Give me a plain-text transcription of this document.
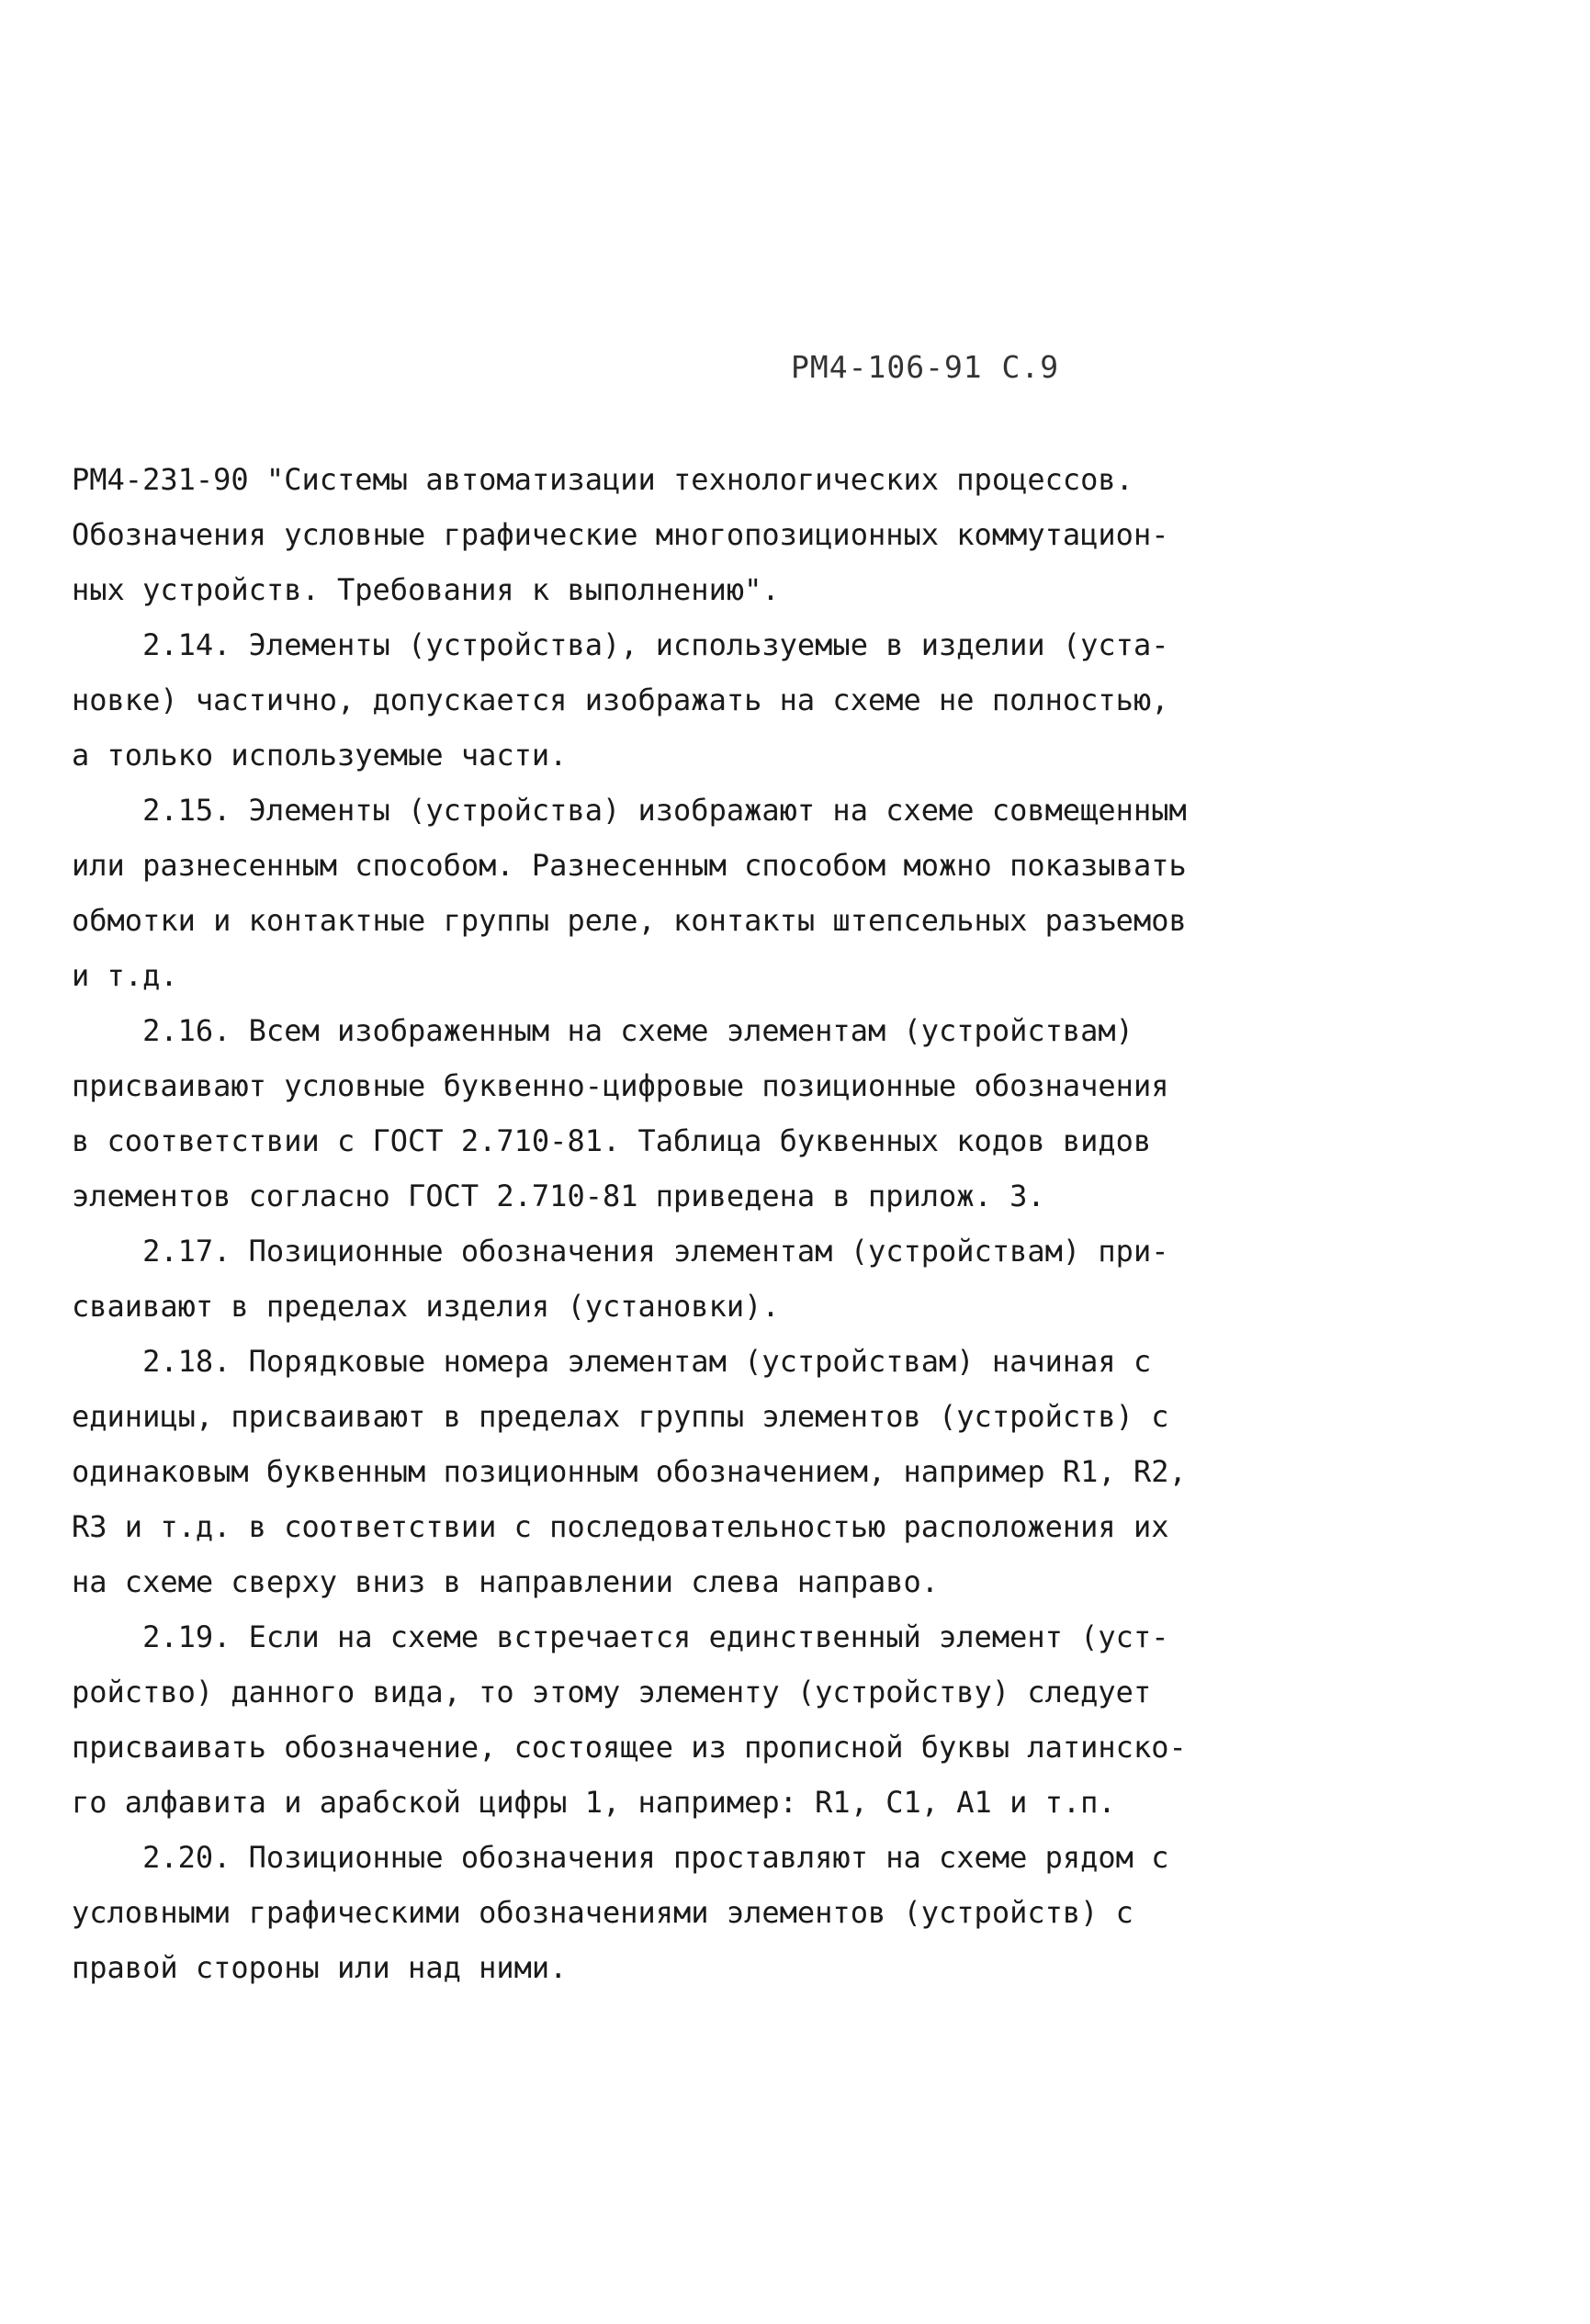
РМ4-106-91 С.9
РМ4-231-90 "Системы автоматизации технологических процессов.
Обозначения условные графические многопозиционных коммутацион-
ных устройств. Требования к выполнению".
2.14. Элементы (устройства), используемые в изделии (уста-
новке) частично, допускается изображать на схеме не полностью,
а только используемые части.
2.15. Элементы (устройства) изображают на схеме совмещенным
или разнесенным способом. Разнесенным способом можно показывать
обмотки и контактные группы реле, контакты штепсельных разъемов
и т.д.
2.16. Всем изображенным на схеме элементам (устройствам)
присваивают условные буквенно-цифровые позиционные обозначения
в соответствии с ГОСТ 2.710-81. Таблица буквенных кодов видов
элементов согласно ГОСТ 2.710-81 приведена в прилож. 3.
2.17. Позиционные обозначения элементам (устройствам) при-
сваивают в пределах изделия (установки).
2.18. Порядковые номера элементам (устройствам) начиная с
единицы, присваивают в пределах группы элементов (устройств) с
одинаковым буквенным позиционным обозначением, например R1, R2,
R3 и т.д. в соответствии с последовательностью расположения их
на схеме сверху вниз в направлении слева направо.
2.19. Если на схеме встречается единственный элемент (уст-
ройство) данного вида, то этому элементу (устройству) следует
присваивать обозначение, состоящее из прописной буквы латинско-
го алфавита и арабской цифры 1, например: R1, C1, A1 и т.п.
2.20. Позиционные обозначения проставляют на схеме рядом с
условными графическими обозначениями элементов (устройств) с
правой стороны или над ними.
